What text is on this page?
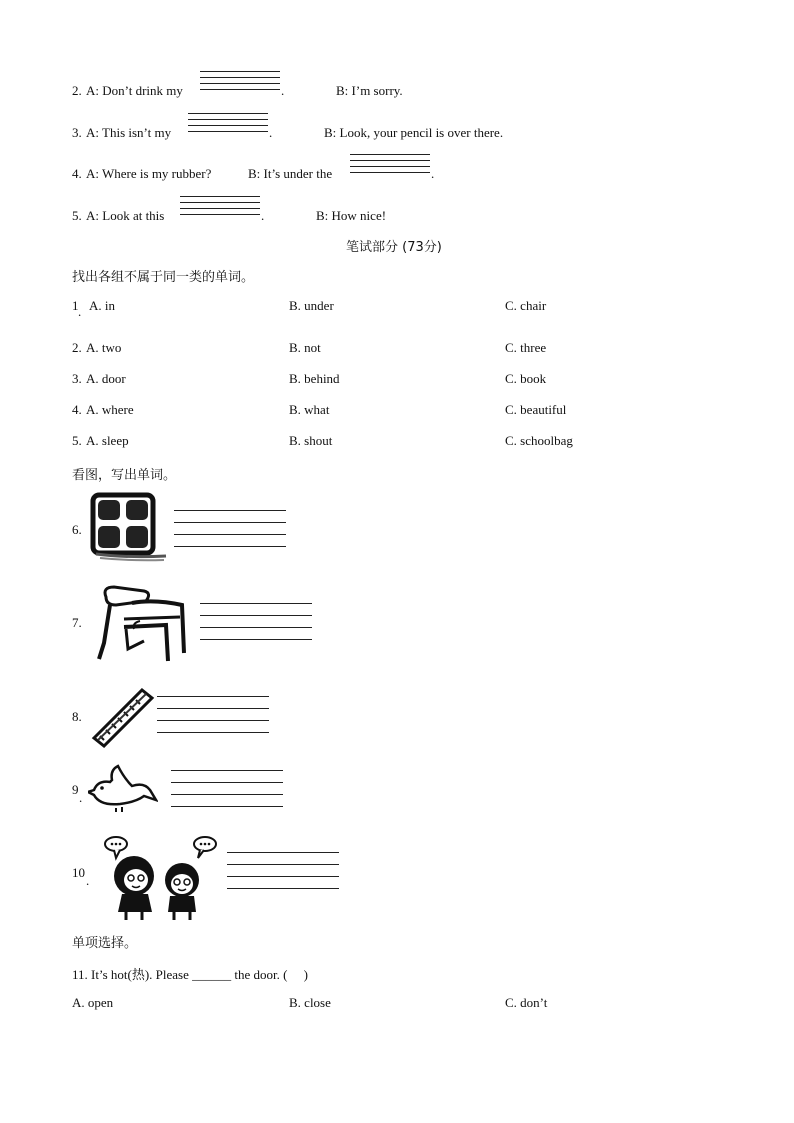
2. A: Don’t drink my	.	B: I’m sorry.
3. A: This isn’t my	.	B: Look, your pencil is over there.
4. A: Where is my rubber?	B: It’s under the	.
5. A: Look at this	.	B: How nice!
笔试部分 (73分)
找出各组不属于同一类的单词。
1 . A. in	B. under	C. chair
2. A. two	B. not	C. three
3. A. door	B. behind	C. book
4. A. where	B. what	C. beautiful
5. A. sleep	B. shout	C. schoolbag
看图，写出单词。
6.
7.
8.
9
.
10
.
单项选择。
11. It’s hot(热). Please ______ the door. (　 )
A. open	B. close	C. don’t
